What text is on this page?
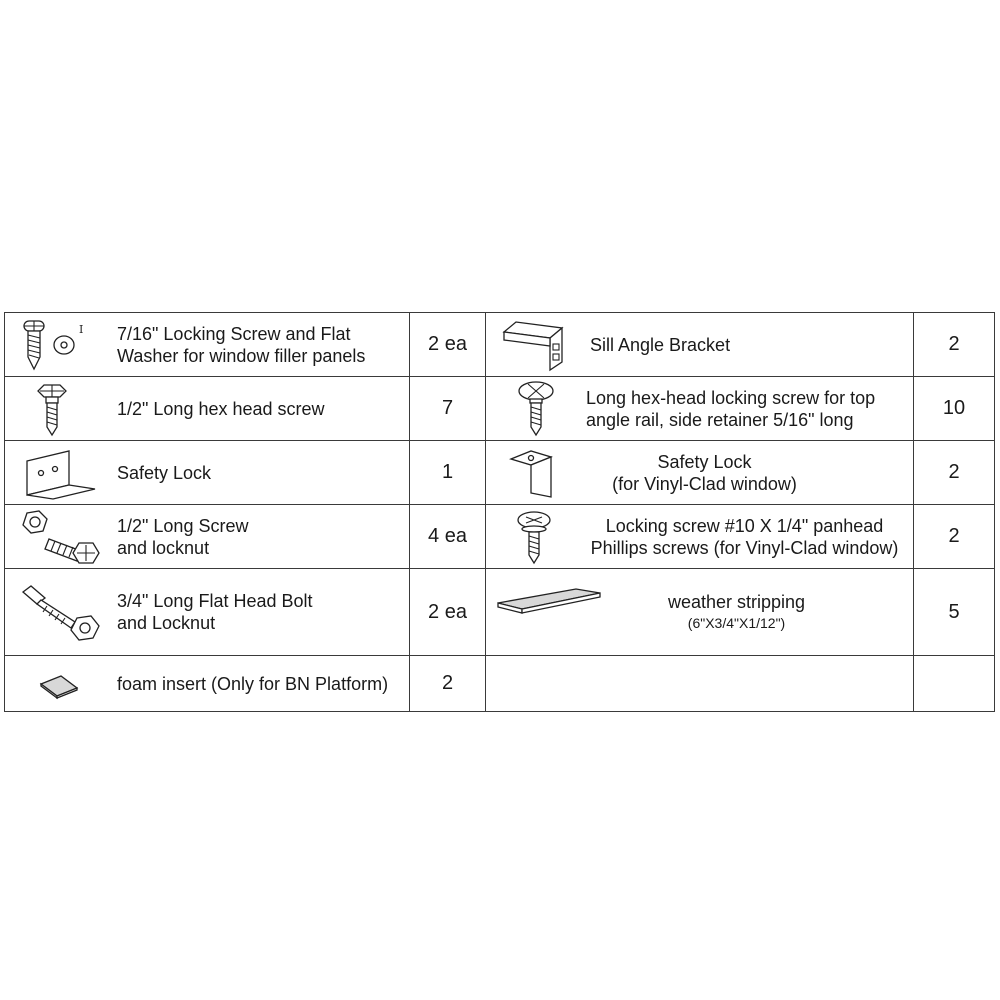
I 7/16" Locking Screw and Flat
Washer for window filler panels	2 ea	Sill Angle Bracket	2

1/2" Long hex head screw	7	Long hex-head locking screw for top
angle rail, side retainer 5/16" long	10

Safety Lock	1	Safety Lock
(for Vinyl-Clad window)	2

1/2" Long Screw
and locknut	4 ea	Locking screw #10 X 1/4" panhead
Phillips screws (for Vinyl-Clad window)	2

3/4" Long Flat Head Bolt
and Locknut	2 ea	weather stripping

(6"X3/4"X1/12")	5

foam insert (Only for BN Platform)	2		
